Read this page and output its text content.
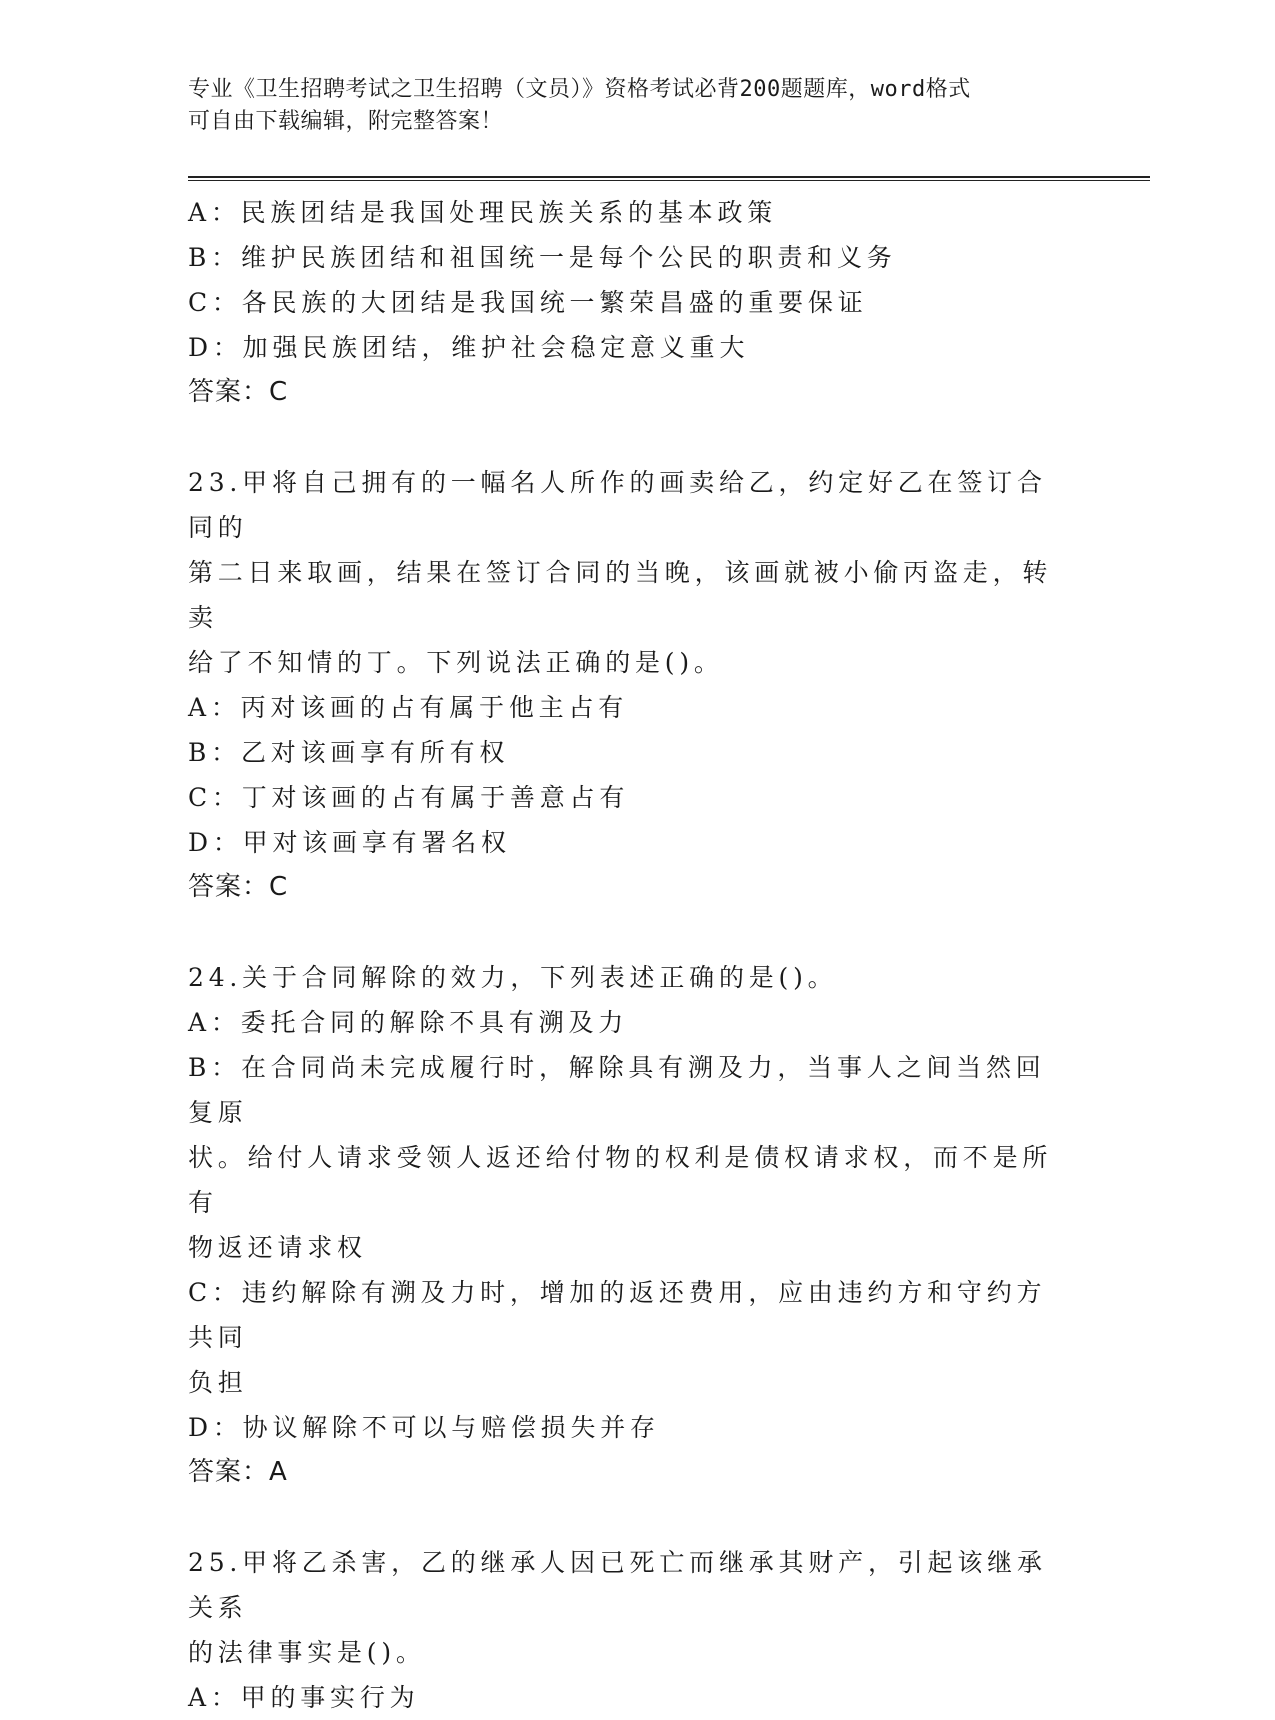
专业《卫生招聘考试之卫生招聘（文员）》资格考试必背200题题库，word格式
可自由下载编辑，附完整答案！
A：民族团结是我国处理民族关系的基本政策
B：维护民族团结和祖国统一是每个公民的职责和义务
C：各民族的大团结是我国统一繁荣昌盛的重要保证
D：加强民族团结，维护社会稳定意义重大
答案：C
23.甲将自己拥有的一幅名人所作的画卖给乙，约定好乙在签订合同的
第二日来取画，结果在签订合同的当晚，该画就被小偷丙盗走，转卖
给了不知情的丁。下列说法正确的是()。
A：丙对该画的占有属于他主占有
B：乙对该画享有所有权
C：丁对该画的占有属于善意占有
D：甲对该画享有署名权
答案：C
24.关于合同解除的效力，下列表述正确的是()。
A：委托合同的解除不具有溯及力
B：在合同尚未完成履行时，解除具有溯及力，当事人之间当然回复原
状。给付人请求受领人返还给付物的权利是债权请求权，而不是所有
物返还请求权
C：违约解除有溯及力时，增加的返还费用，应由违约方和守约方共同
负担
D：协议解除不可以与赔偿损失并存
答案：A
25.甲将乙杀害，乙的继承人因已死亡而继承其财产，引起该继承关系
的法律事实是()。
A：甲的事实行为
